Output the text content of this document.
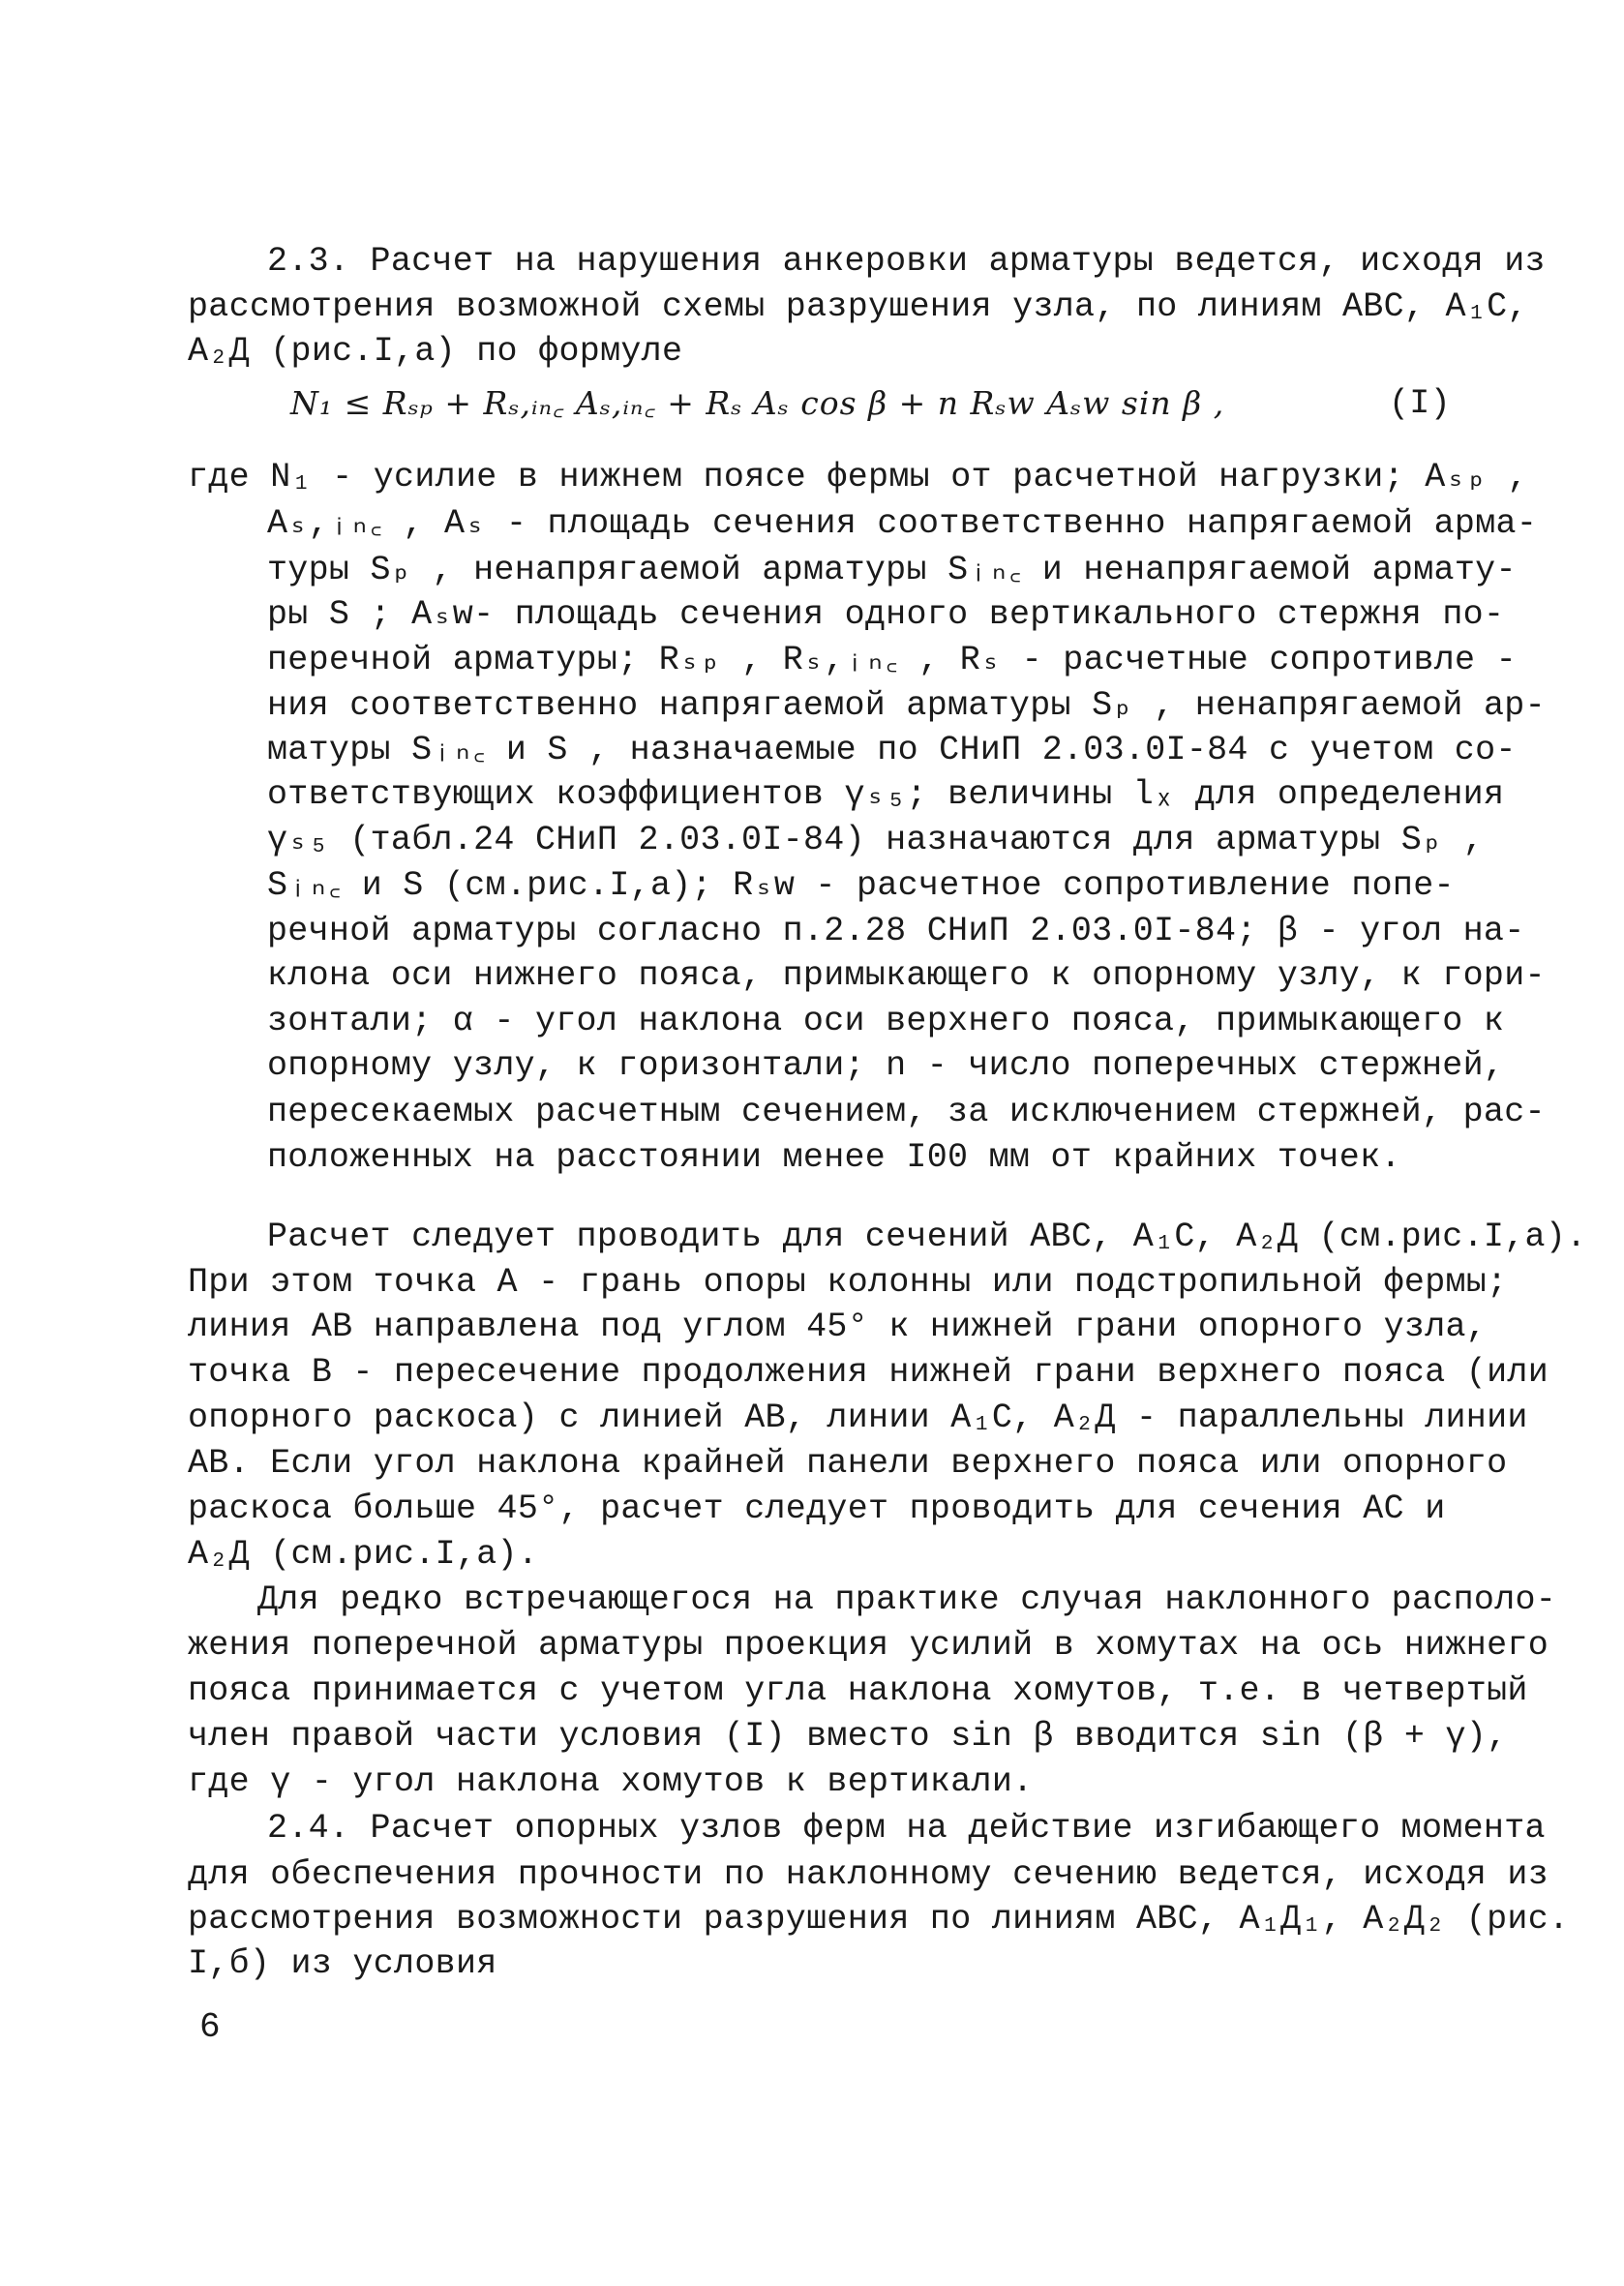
2.3. Расчет на нарушения анкеровки арматуры ведется, исходя из
рассмотрения возможной схемы разрушения узла, по линиям АВС, А₁С,
А₂Д (рис.I,а) по формуле
N₁ ≤ Rₛₚ + Rₛ,ᵢₙ꜀ Aₛ,ᵢₙ꜀ + Rₛ Aₛ cos β + n Rₛw Aₛw sin β ,	(I)
где N₁ - усилие в нижнем поясе фермы от расчетной нагрузки; Aₛₚ ,
Aₛ,ᵢₙ꜀ , Aₛ - площадь сечения соответственно напрягаемой арма-
туры Sₚ , ненапрягаемой арматуры Sᵢₙ꜀ и ненапрягаемой армату-
ры S ; Aₛw- площадь сечения одного вертикального стержня по-
перечной арматуры; Rₛₚ , Rₛ,ᵢₙ꜀ , Rₛ - расчетные сопротивле -
ния соответственно напрягаемой арматуры Sₚ , ненапрягаемой ар-
матуры Sᵢₙ꜀ и S , назначаемые по СНиП 2.03.0I-84 с учетом со-
ответствующих коэффициентов γₛ₅; величины lₓ для определения
γₛ₅ (табл.24 СНиП 2.03.0I-84) назначаются для арматуры Sₚ ,
Sᵢₙ꜀ и S (см.рис.I,а); Rₛw - расчетное сопротивление попе-
речной арматуры согласно п.2.28 СНиП 2.03.0I-84; β - угол на-
клона оси нижнего пояса, примыкающего к опорному узлу, к гори-
зонтали; α - угол наклона оси верхнего пояса, примыкающего к
опорному узлу, к горизонтали; n - число поперечных стержней,
пересекаемых расчетным сечением, за исключением стержней, рас-
положенных на расстоянии менее I00 мм от крайних точек.
Расчет следует проводить для сечений АВС, А₁С, А₂Д (см.рис.I,а).
При этом точка А - грань опоры колонны или подстропильной фермы;
линия АВ направлена под углом 45° к нижней грани опорного узла,
точка В - пересечение продолжения нижней грани верхнего пояса (или
опорного раскоса) с линией АВ, линии А₁С, А₂Д - параллельны линии
АВ. Если угол наклона крайней панели верхнего пояса или опорного
раскоса больше 45°, расчет следует проводить для сечения АС и
А₂Д (см.рис.I,а).
Для редко встречающегося на практике случая наклонного располо-
жения поперечной арматуры проекция усилий в хомутах на ось нижнего
пояса принимается с учетом угла наклона хомутов, т.е. в четвертый
член правой части условия (I) вместо sin β вводится sin (β + γ),
где γ - угол наклона хомутов к вертикали.
2.4. Расчет опорных узлов ферм на действие изгибающего момента
для обеспечения прочности по наклонному сечению ведется, исходя из
рассмотрения возможности разрушения по линиям АВС, А₁Д₁, А₂Д₂ (рис.
I,б) из условия
6
